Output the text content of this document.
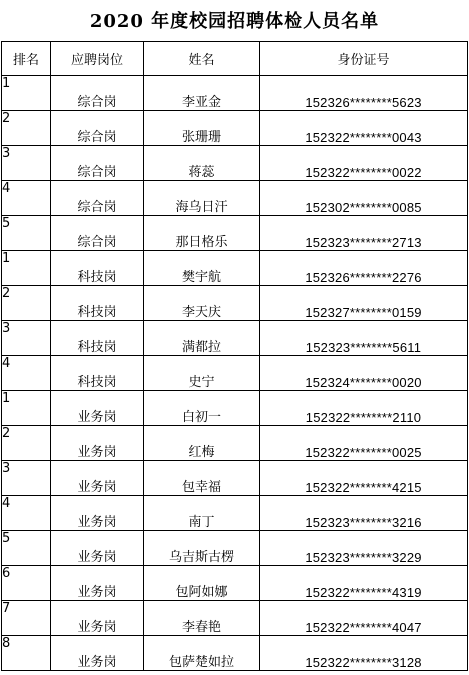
2020 年度校园招聘体检人员名单
排名	应聘岗位	姓名	身份证号
1	综合岗	李亚金	152326********5623
2	综合岗	张珊珊	152322********0043
3	综合岗	蒋蕊	152322********0022
4	综合岗	海乌日汗	152302********0085
5	综合岗	那日格乐	152323********2713
1	科技岗	樊宇航	152326********2276
2	科技岗	李天庆	152327********0159
3	科技岗	满都拉	152323********5611
4	科技岗	史宁	152324********0020
1	业务岗	白初一	152322********2110
2	业务岗	红梅	152322********0025
3	业务岗	包幸福	152322********4215
4	业务岗	南丁	152323********3216
5	业务岗	乌吉斯古楞	152323********3229
6	业务岗	包阿如娜	152322********4319
7	业务岗	李春艳	152322********4047
8	业务岗	包萨楚如拉	152322********3128
